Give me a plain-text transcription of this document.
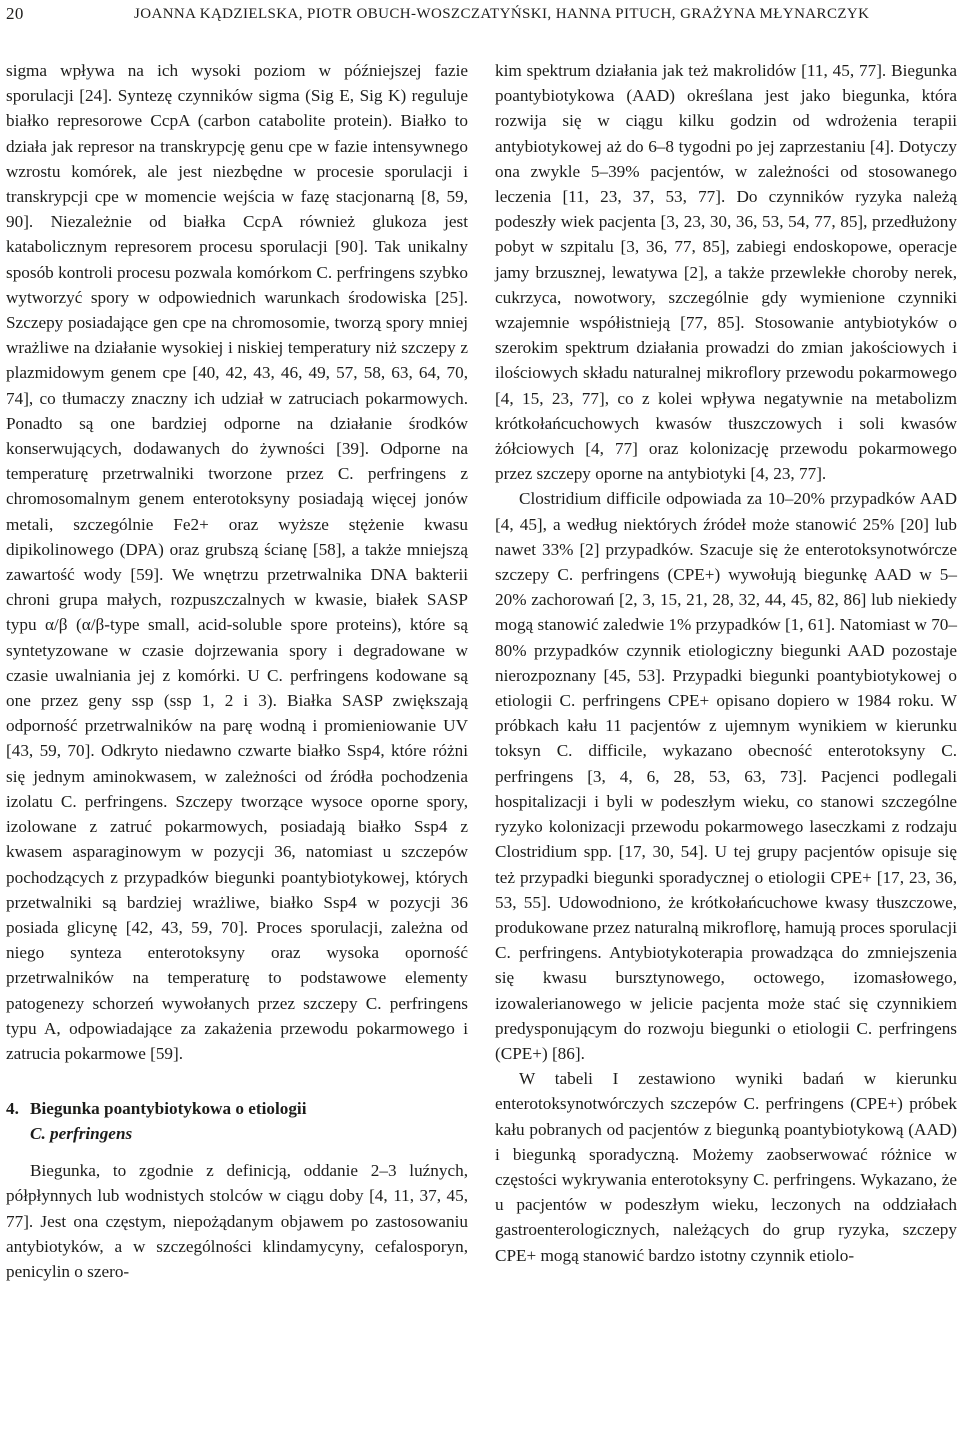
20	JOANNA KĄDZIELSKA, PIOTR OBUCH-WOSZCZATYŃSKI, HANNA PITUCH, GRAŻYNA MŁYNARCZYK

sigma wpływa na ich wysoki poziom w późniejszej fazie sporulacji [24]. Syntezę czynników sigma (Sig E, Sig K) reguluje białko represorowe CcpA (carbon catabolite protein). Białko to działa jak represor na transkrypcję genu cpe w fazie intensywnego wzrostu komórek, ale jest niezbędne w procesie sporulacji i transkrypcji cpe w momencie wejścia w fazę stacjonarną [8, 59, 90]. Niezależnie od białka CcpA również glukoza jest katabolicznym represorem procesu sporulacji [90]. Tak unikalny sposób kontroli procesu pozwala komórkom C. perfringens szybko wytworzyć spory w odpowiednich warunkach środowiska [25]. Szczepy posiadające gen cpe na chromosomie, tworzą spory mniej wrażliwe na działanie wysokiej i niskiej temperatury niż szczepy z plazmidowym genem cpe [40, 42, 43, 46, 49, 57, 58, 63, 64, 70, 74], co tłumaczy znaczny ich udział w zatruciach pokarmowych. Ponadto są one bardziej odporne na działanie środków konserwujących, dodawanych do żywności [39]. Odporne na temperaturę przetrwalniki tworzone przez C. perfringens z chromosomalnym genem enterotoksyny posiadają więcej jonów metali, szczególnie Fe2+ oraz wyższe stężenie kwasu dipikolinowego (DPA) oraz grubszą ścianę [58], a także mniejszą zawartość wody [59]. We wnętrzu przetrwalnika DNA bakterii chroni grupa małych, rozpuszczalnych w kwasie, białek SASP typu α/β (α/β-type small, acid-soluble spore proteins), które są syntetyzowane w czasie dojrzewania spory i degradowane w czasie uwalniania jej z komórki. U C. perfringens kodowane są one przez geny ssp (ssp 1, 2 i 3). Białka SASP zwiększają odporność przetrwalników na parę wodną i promieniowanie UV [43, 59, 70]. Odkryto niedawno czwarte białko Ssp4, które różni się jednym aminokwasem, w zależności od źródła pochodzenia izolatu C. perfringens. Szczepy tworzące wysoce oporne spory, izolowane z zatruć pokarmowych, posiadają białko Ssp4 z kwasem asparaginowym w pozycji 36, natomiast u szczepów pochodzących z przypadków biegunki poantybiotykowej, których przetwalniki są bardziej wrażliwe, białko Ssp4 w pozycji 36 posiada glicynę [42, 43, 59, 70]. Proces sporulacji, zależna od niego synteza enterotoksyny oraz wysoka oporność przetrwalników na temperaturę to podstawowe elementy patogenezy schorzeń wywołanych przez szczepy C. perfringens typu A, odpowiadające za zakażenia przewodu pokarmowego i zatrucia pokarmowe [59].

4. Biegunka poantybiotykowa o etiologii
C. perfringens

Biegunka, to zgodnie z definicją, oddanie 2–3 luźnych, półpłynnych lub wodnistych stolców w ciągu doby [4, 11, 37, 45, 77]. Jest ona częstym, niepożądanym objawem po zastosowaniu antybiotyków, a w szczególności klindamycyny, cefalosporyn, penicylin o szero-

kim spektrum działania jak też makrolidów [11, 45, 77]. Biegunka poantybiotykowa (AAD) określana jest jako biegunka, która rozwija się w ciągu kilku godzin od wdrożenia terapii antybiotykowej aż do 6–8 tygodni po jej zaprzestaniu [4]. Dotyczy ona zwykle 5–39% pacjentów, w zależności od stosowanego leczenia [11, 23, 37, 53, 77]. Do czynników ryzyka należą podeszły wiek pacjenta [3, 23, 30, 36, 53, 54, 77, 85], przedłużony pobyt w szpitalu [3, 36, 77, 85], zabiegi endoskopowe, operacje jamy brzusznej, lewatywa [2], a także przewlekłe choroby nerek, cukrzyca, nowotwory, szczególnie gdy wymienione czynniki wzajemnie współistnieją [77, 85]. Stosowanie antybiotyków o szerokim spektrum działania prowadzi do zmian jakościowych i ilościowych składu naturalnej mikroflory przewodu pokarmowego [4, 15, 23, 77], co z kolei wpływa negatywnie na metabolizm krótkołańcuchowych kwasów tłuszczowych i soli kwasów żółciowych [4, 77] oraz kolonizację przewodu pokarmowego przez szczepy oporne na antybiotyki [4, 23, 77].

Clostridium difficile odpowiada za 10–20% przypadków AAD [4, 45], a według niektórych źródeł może stanowić 25% [20] lub nawet 33% [2] przypadków. Szacuje się że enterotoksynotwórcze szczepy C. perfringens (CPE+) wywołują biegunkę AAD w 5–20% zachorowań [2, 3, 15, 21, 28, 32, 44, 45, 82, 86] lub niekiedy mogą stanowić zaledwie 1% przypadków [1, 61]. Natomiast w 70–80% przypadków czynnik etiologiczny biegunki AAD pozostaje nierozpoznany [45, 53]. Przypadki biegunki poantybiotykowej o etiologii C. perfringens CPE+ opisano dopiero w 1984 roku. W próbkach kału 11 pacjentów z ujemnym wynikiem w kierunku toksyn C. difficile, wykazano obecność enterotoksyny C. perfringens [3, 4, 6, 28, 53, 63, 73]. Pacjenci podlegali hospitalizacji i byli w podeszłym wieku, co stanowi szczególne ryzyko kolonizacji przewodu pokarmowego laseczkami z rodzaju Clostridium spp. [17, 30, 54]. U tej grupy pacjentów opisuje się też przypadki biegunki sporadycznej o etiologii CPE+ [17, 23, 36, 53, 55]. Udowodniono, że krótkołańcuchowe kwasy tłuszczowe, produkowane przez naturalną mikroflorę, hamują proces sporulacji C. perfringens. Antybiotykoterapia prowadząca do zmniejszenia się kwasu bursztynowego, octowego, izomasłowego, izowalerianowego w jelicie pacjenta może stać się czynnikiem predysponującym do rozwoju biegunki o etiologii C. perfringens (CPE+) [86].

W tabeli I zestawiono wyniki badań w kierunku enterotoksynotwórczych szczepów C. perfringens (CPE+) próbek kału pobranych od pacjentów z biegunką poantybiotykową (AAD) i biegunką sporadyczną. Możemy zaobserwować różnice w częstości wykrywania enterotoksyny C. perfringens. Wykazano, że u pacjentów w podeszłym wieku, leczonych na oddziałach gastroenterologicznych, należących do grup ryzyka, szczepy CPE+ mogą stanowić bardzo istotny czynnik etiolo-
